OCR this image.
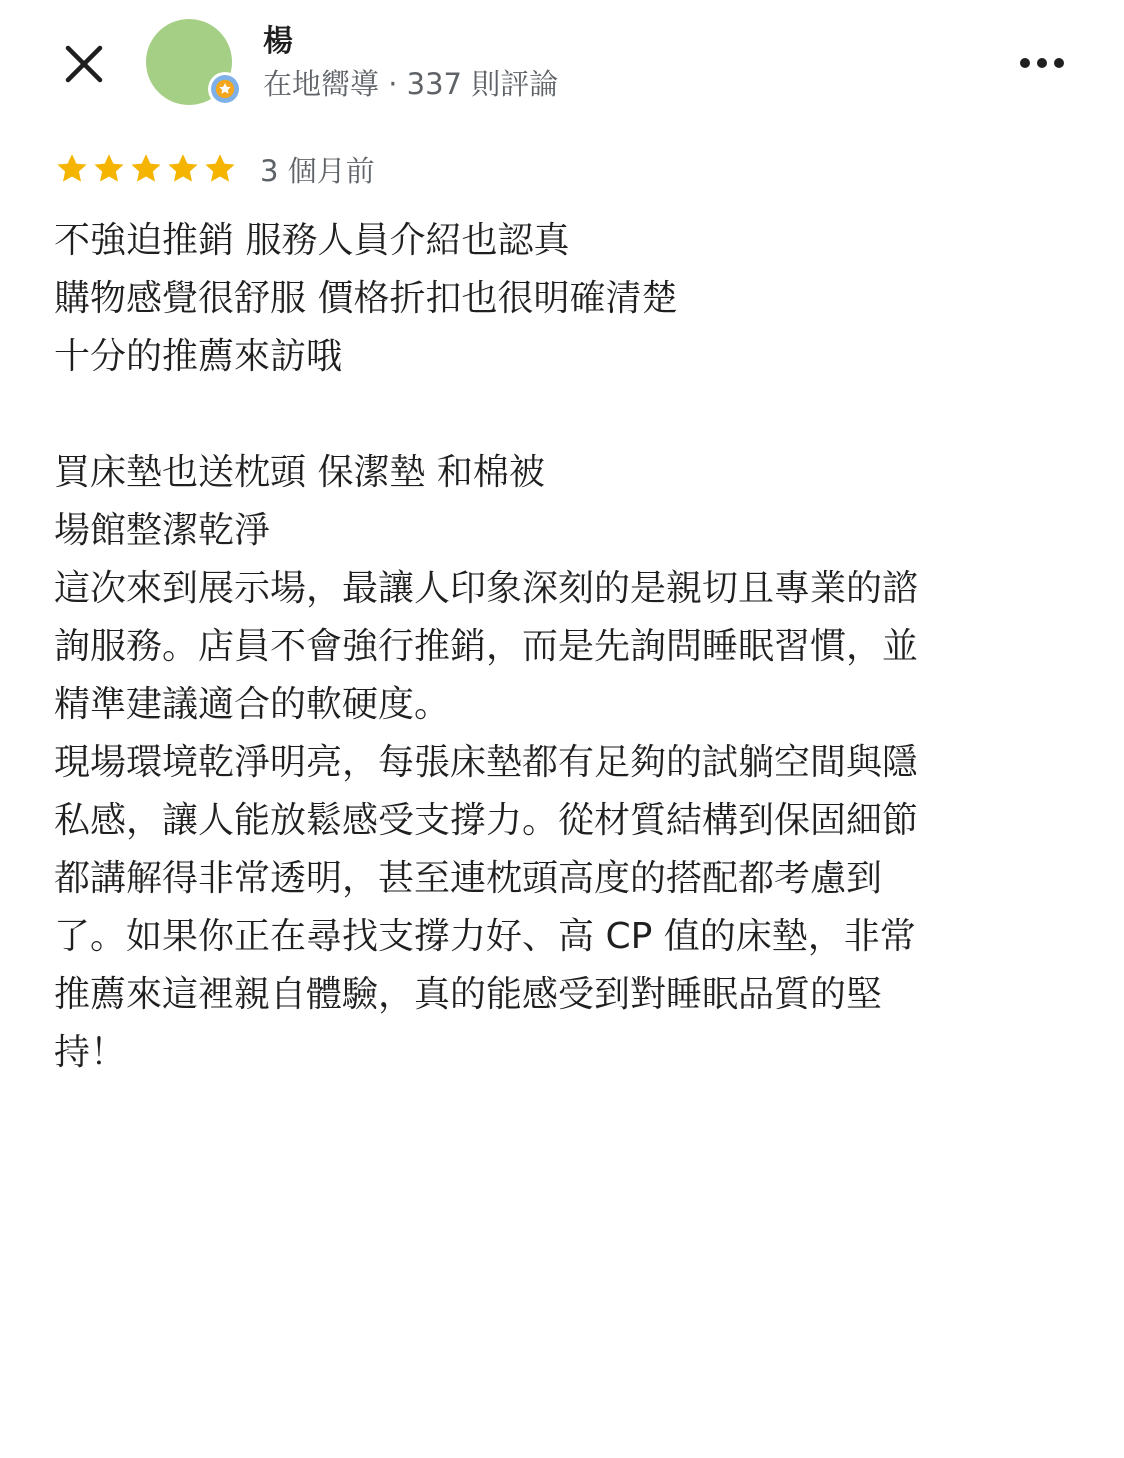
楊
在地嚮導 · 337 則評論
3 個月前

不強迫推銷 服務人員介紹也認真

購物感覺很舒服 價格折扣也很明確清楚

十分的推薦來訪哦

買床墊也送枕頭 保潔墊 和棉被

場館整潔乾淨

這次來到展示場，最讓人印象深刻的是親切且專業的諮

詢服務。店員不會強行推銷，而是先詢問睡眠習慣，並

精準建議適合的軟硬度。

現場環境乾淨明亮，每張床墊都有足夠的試躺空間與隱

私感，讓人能放鬆感受支撐力。從材質結構到保固細節

都講解得非常透明，甚至連枕頭高度的搭配都考慮到

了。如果你正在尋找支撐力好、高 CP 值的床墊，非常

推薦來這裡親自體驗，真的能感受到對睡眠品質的堅

持！
